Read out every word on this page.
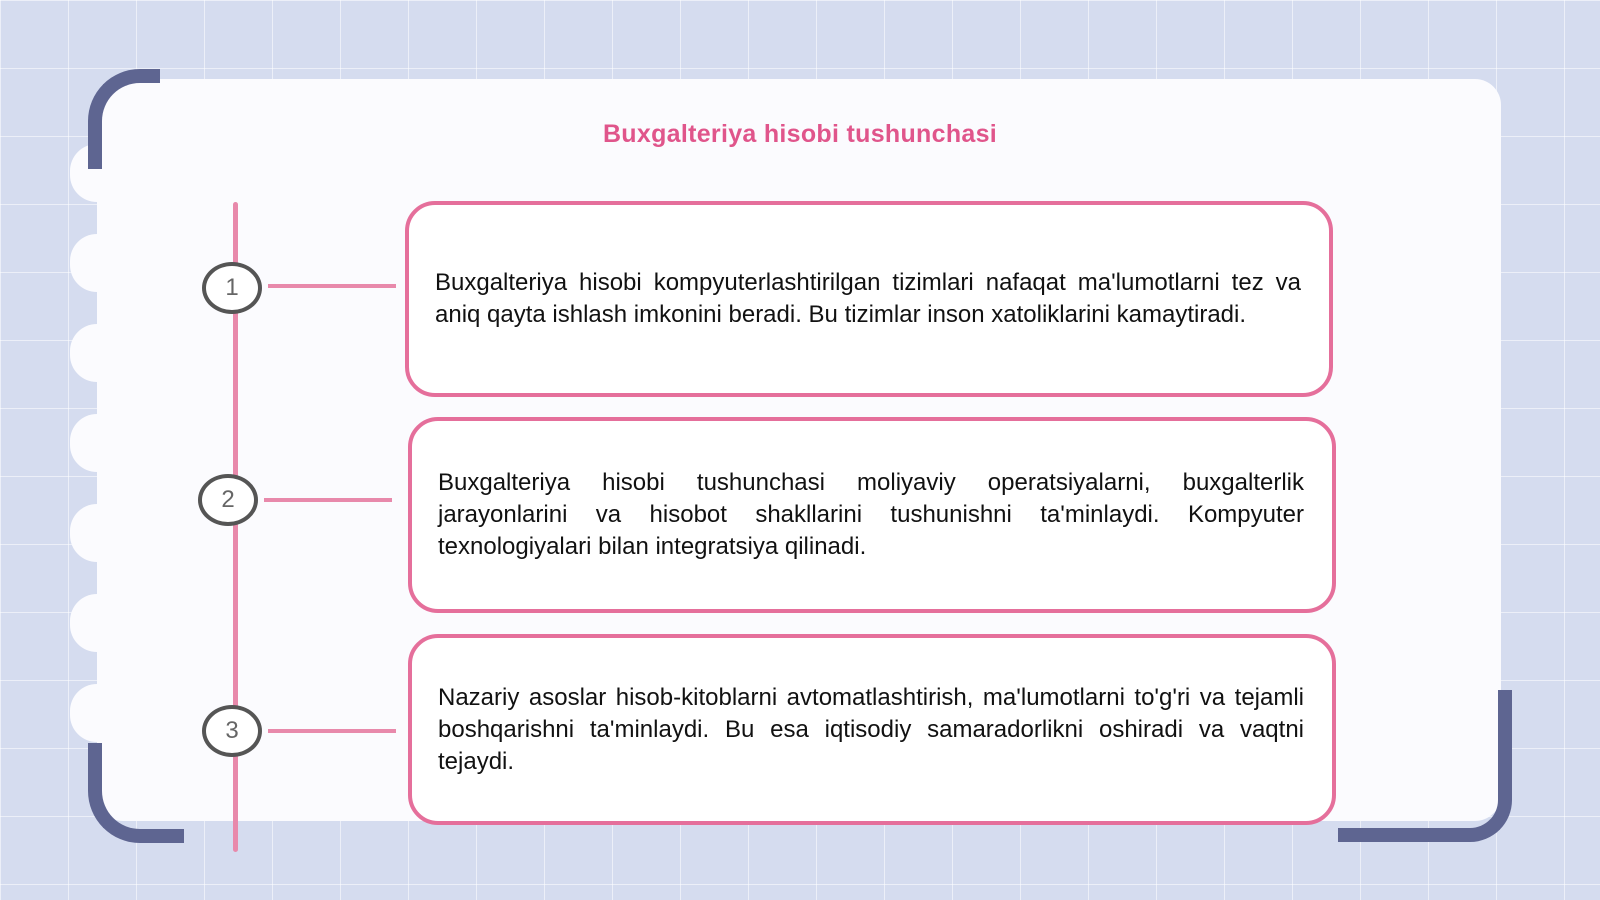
Buxgalteriya hisobi tushunchasi
1	Buxgalteriya hisobi kompyuterlashtirilgan tizimlari nafaqat ma'lumotlarni tez va aniq qayta ishlash imkonini beradi. Bu tizimlar inson xatoliklarini kamaytiradi.

2

Buxgalteriya hisobi tushunchasi moliyaviy operatsiyalarni, buxgalterlik jarayonlarini va hisobot shakllarini tushunishni ta'minlaydi. Kompyuter texnologiyalari bilan integratsiya qilinadi.

3

Nazariy asoslar hisob-kitoblarni avtomatlashtirish, ma'lumotlarni to'g'ri va tejamli boshqarishni ta'minlaydi. Bu esa iqtisodiy samaradorlikni oshiradi va vaqtni tejaydi.
